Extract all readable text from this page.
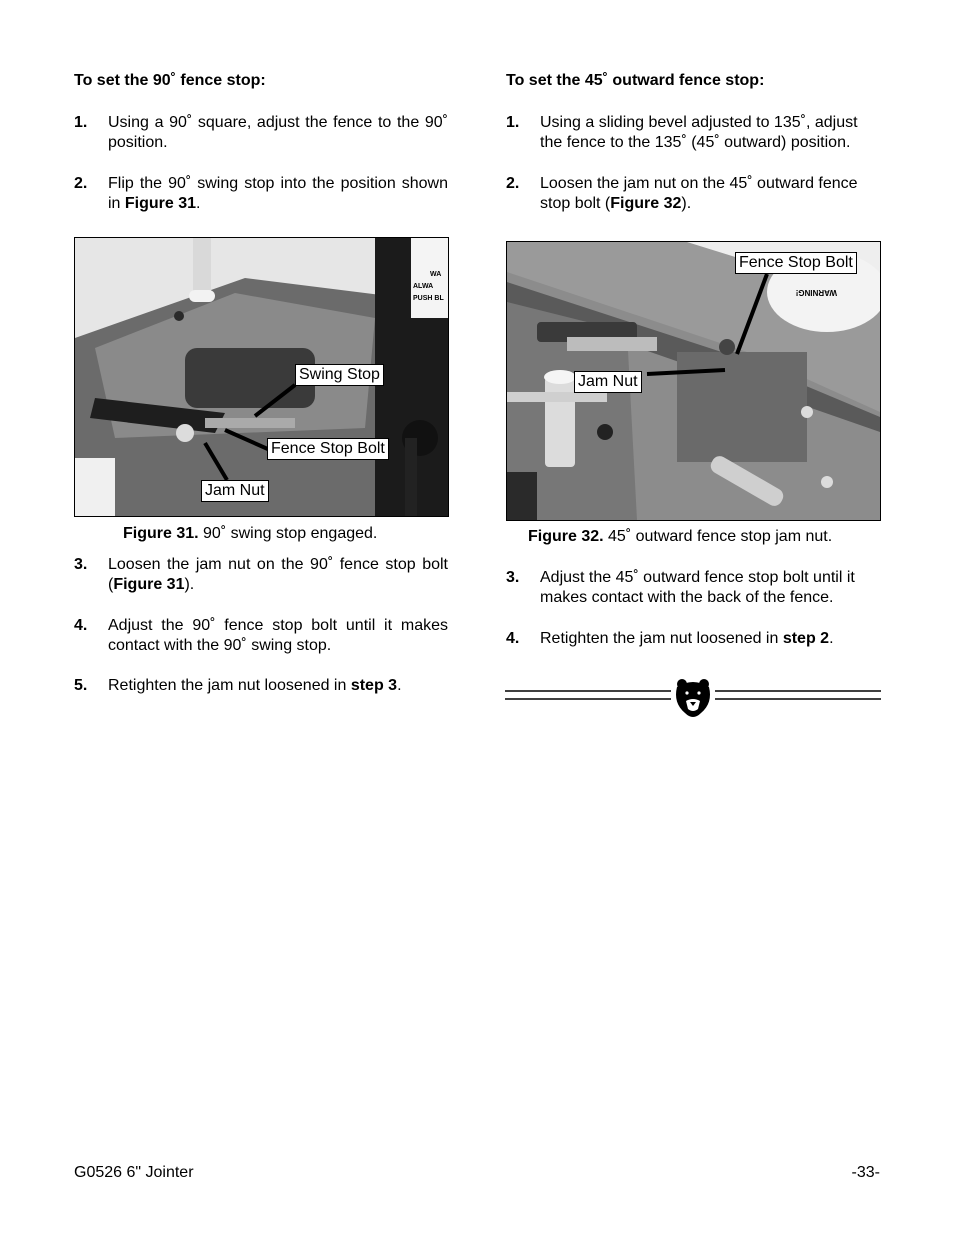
To set the 90˚ fence stop:
1. Using a 90˚ square, adjust the fence to the 90˚ position.
2. Flip the 90˚ swing stop into the position shown in Figure 31.
ALWA
PUSH BL
WA
Swing Stop
Fence Stop Bolt
Jam Nut
Figure 31. 90˚ swing stop engaged.
3. Loosen the jam nut on the 90˚ fence stop bolt (Figure 31).
4. Adjust the 90˚ fence stop bolt until it makes contact with the 90˚ swing stop.
5. Retighten the jam nut loosened in step 3.
To set the 45˚ outward fence stop:
1. Using a sliding bevel adjusted to 135˚, adjust the fence to the 135˚ (45˚ outward) position.
2. Loosen the jam nut on the 45˚ outward fence stop bolt (Figure 32).
WARNING!
Fence Stop Bolt
Jam Nut
Figure 32. 45˚ outward fence stop jam nut.
3. Adjust the 45˚ outward fence stop bolt until it makes contact with the back of the fence.
4. Retighten the jam nut loosened in step 2.
G0526 6" Jointer	-33-
